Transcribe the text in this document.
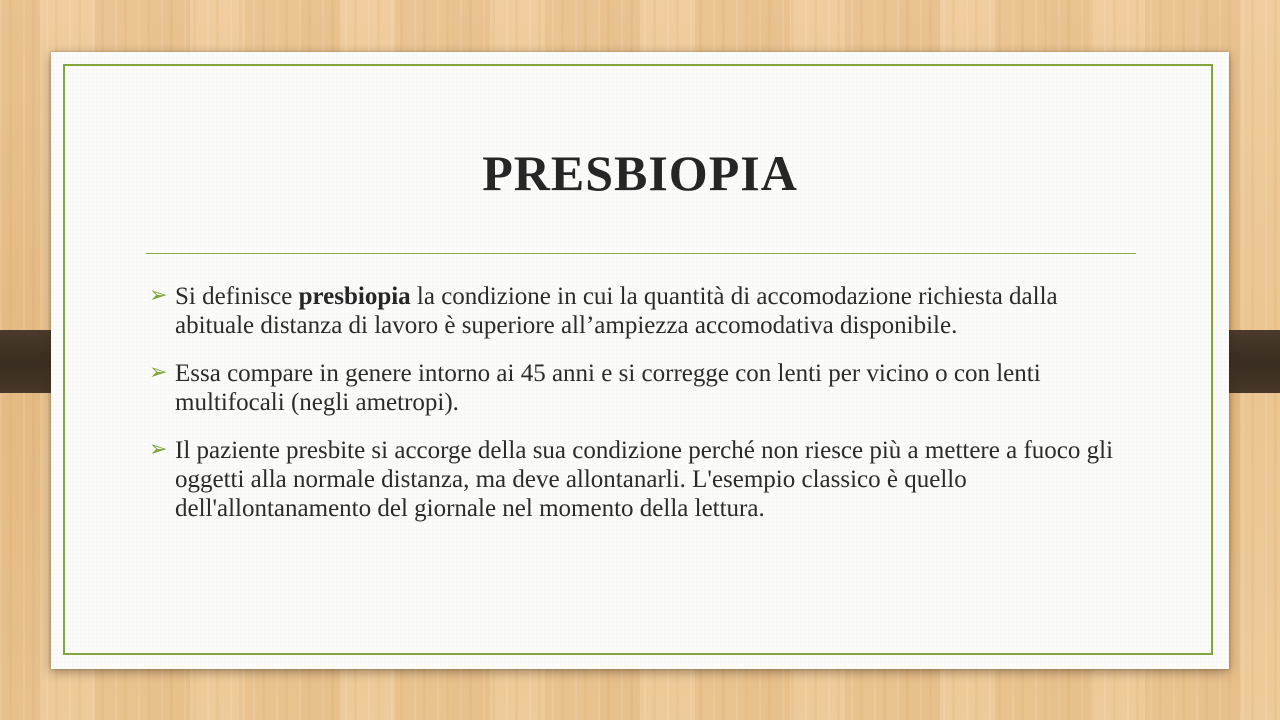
PRESBIOPIA
➢ Si definisce presbiopia la condizione in cui la quantità di accomodazione richiesta dalla abituale distanza di lavoro è superiore all’ampiezza accomodativa disponibile.
➢ Essa compare in genere intorno ai 45 anni e si corregge con lenti per vicino o con lenti multifocali (negli ametropi).
➢ Il paziente presbite si accorge della sua condizione perché non riesce più a mettere a fuoco gli oggetti alla normale distanza, ma deve allontanarli. L'esempio classico è quello dell'allontanamento del giornale nel momento della lettura.
